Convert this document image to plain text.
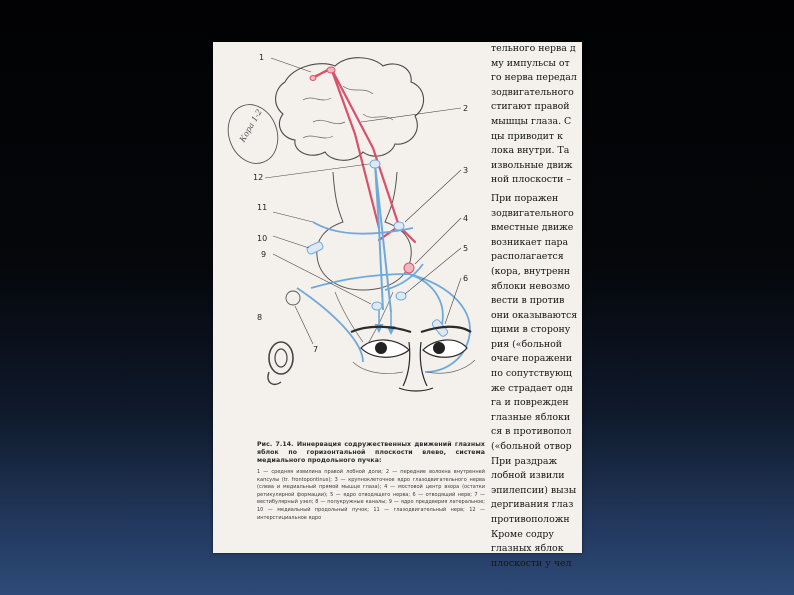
Кора 1-2
1
2
3
4
5
6
7
8
9
10
11
12
Рис. 7.14. Иннервация содружественных движений глазных яблок по горизонтальной плоскости влево, система медиального продольного пучка:
1 — средняя извилина правой лобной доли; 2 — передние волокна внутренней капсулы (tr. frontopontinus); 3 — крупноклеточное ядро глазодвигательного нерва (слева и медиальный прямой мышце глаза); 4 — мостовой центр взора (остатки ретикулярной формации); 5 — ядро отводящего нерва; 6 — отводящий нерв; 7 — вестибулярный узел; 8 — полукружные каналы; 9 — ядро преддверия латеральное; 10 — медиальный продольный пучок; 11 — глазодвигательный нерв; 12 — интерстициальное ядро
тельного нерва д
му импульсы от
го нерва передал
зодвигательного
стигают правой
мышцы глаза. С
цы приводит к
лока внутри. Та
извольные движ
ной плоскости –
При поражен
зодвигательного
вместные движе
возникает пара
располагается
(кора, внутренн
яблоки невозмо
вести в против
они оказываются
щими в сторону
рия («больной
очаге поражени
по сопутствующ
же страдает одн
га и поврежден
глазные яблоки
ся в противопол
(«больной отвор
При раздраж
лобной извили
эпилепсии) вызы
дергивания глаз
противоположн
Кроме содру
глазных яблок
плоскости у чел
